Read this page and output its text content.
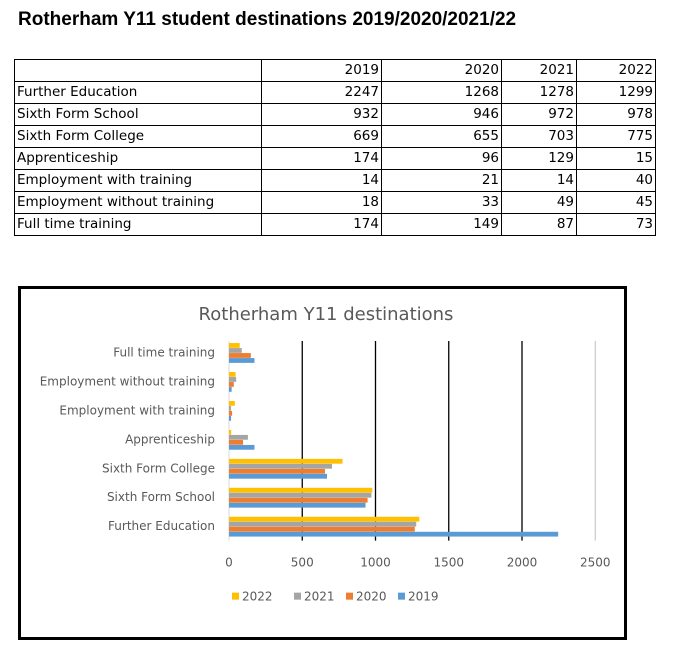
Rotherham Y11 student destinations 2019/2020/2021/22
	2019	2020	2021	2022
Further Education	2247	1268	1278	1299
Sixth Form School	932	946	972	978
Sixth Form College	669	655	703	775
Apprenticeship	174	96	129	15
Employment with training	14	21	14	40
Employment without training	18	33	49	45
Full time training	174	149	87	73
Rotherham Y11 destinations
Full time training
Employment without training
Employment with training
Apprenticeship
Sixth Form College
Sixth Form School
Further Education
0	500	1000	1500	2000	2500
2022	2021 2020 2019
